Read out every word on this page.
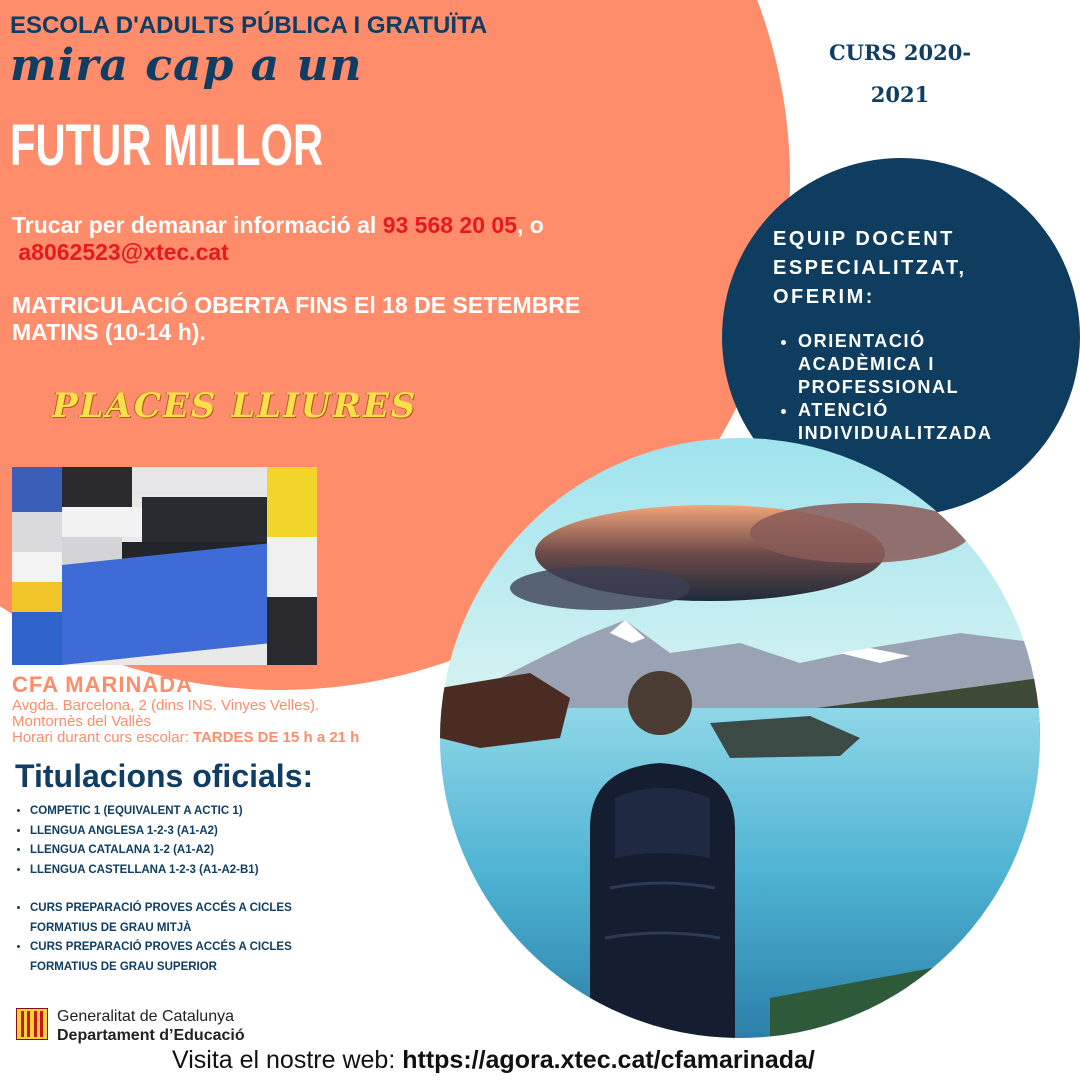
ESCOLA D'ADULTS PÚBLICA I GRATUÏTA
mira cap a un
FUTUR MILLOR
CURS 2020-
2021
Trucar per demanar informació al 93 568 20 05, o
a8062523@xtec.cat
MATRICULACIÓ OBERTA FINS El 18 DE SETEMBRE
MATINS (10-14 h).
PLACES LLIURES
EQUIP DOCENT
ESPECIALITZAT,
OFERIM:
• ORIENTACIÓ ACADÈMICA I PROFESSIONAL
• ATENCIÓ INDIVIDUALITZADA
CFA MARINADA
Avgda. Barcelona, 2 (dins INS. Vinyes Velles).
Montornès del Vallès
Horari durant curs escolar: TARDES DE 15 h a 21 h
Titulacions oficials:
• COMPETIC 1 (EQUIVALENT A ACTIC 1)
• LLENGUA ANGLESA 1-2-3 (A1-A2)
• LLENGUA CATALANA 1-2 (A1-A2)
• LLENGUA CASTELLANA 1-2-3 (A1-A2-B1)
• CURS PREPARACIÓ PROVES ACCÉS A CICLES FORMATIUS DE GRAU MITJÀ
• CURS PREPARACIÓ PROVES ACCÉS A CICLES FORMATIUS DE GRAU SUPERIOR
Generalitat de Catalunya
Departament d’Educació
Visita el nostre web: https://agora.xtec.cat/cfamarinada/
